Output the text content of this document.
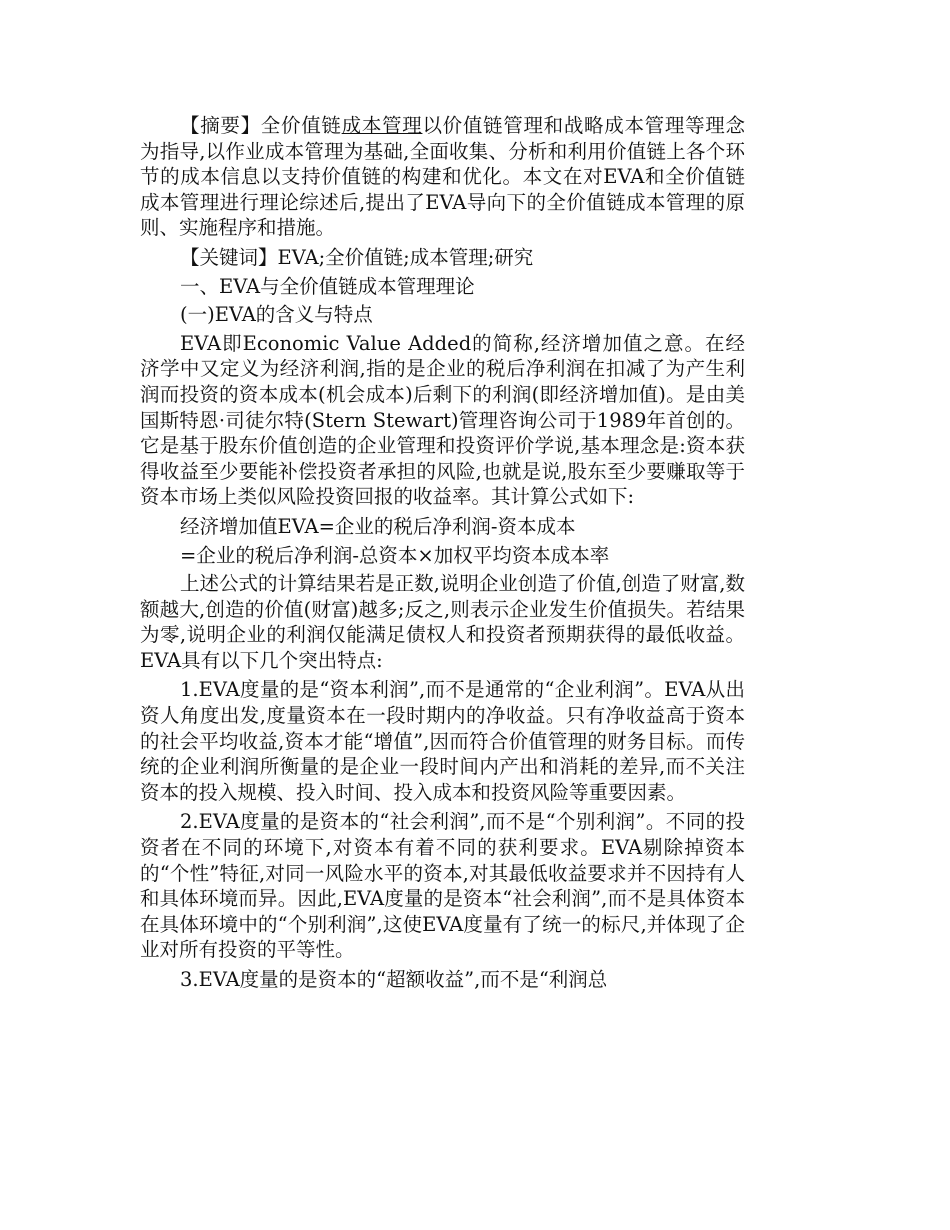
【摘要】全价值链成本管理以价值链管理和战略成本管理等理念为指导,以作业成本管理为基础,全面收集、分析和利用价值链上各个环节的成本信息以支持价值链的构建和优化。本文在对EVA和全价值链成本管理进行理论综述后,提出了EVA导向下的全价值链成本管理的原则、实施程序和措施。

【关键词】EVA;全价值链;成本管理;研究

一、EVA与全价值链成本管理理论

(一)EVA的含义与特点

EVA即Economic Value Added的简称,经济增加值之意。在经济学中又定义为经济利润,指的是企业的税后净利润在扣减了为产生利润而投资的资本成本(机会成本)后剩下的利润(即经济增加值)。是由美国斯特恩·司徒尔特(Stern Stewart)管理咨询公司于1989年首创的。它是基于股东价值创造的企业管理和投资评价学说,基本理念是:资本获得收益至少要能补偿投资者承担的风险,也就是说,股东至少要赚取等于资本市场上类似风险投资回报的收益率。其计算公式如下:

经济增加值EVA=企业的税后净利润-资本成本

=企业的税后净利润-总资本×加权平均资本成本率

上述公式的计算结果若是正数,说明企业创造了价值,创造了财富,数额越大,创造的价值(财富)越多;反之,则表示企业发生价值损失。若结果为零,说明企业的利润仅能满足债权人和投资者预期获得的最低收益。EVA具有以下几个突出特点:

1.EVA度量的是“资本利润”,而不是通常的“企业利润”。EVA从出资人角度出发,度量资本在一段时期内的净收益。只有净收益高于资本的社会平均收益,资本才能“增值”,因而符合价值管理的财务目标。而传统的企业利润所衡量的是企业一段时间内产出和消耗的差异,而不关注资本的投入规模、投入时间、投入成本和投资风险等重要因素。

2.EVA度量的是资本的“社会利润”,而不是“个别利润”。不同的投资者在不同的环境下,对资本有着不同的获利要求。EVA剔除掉资本的“个性”特征,对同一风险水平的资本,对其最低收益要求并不因持有人和具体环境而异。因此,EVA度量的是资本“社会利润”,而不是具体资本在具体环境中的“个别利润”,这使EVA度量有了统一的标尺,并体现了企业对所有投资的平等性。

3.EVA度量的是资本的“超额收益”,而不是“利润总
